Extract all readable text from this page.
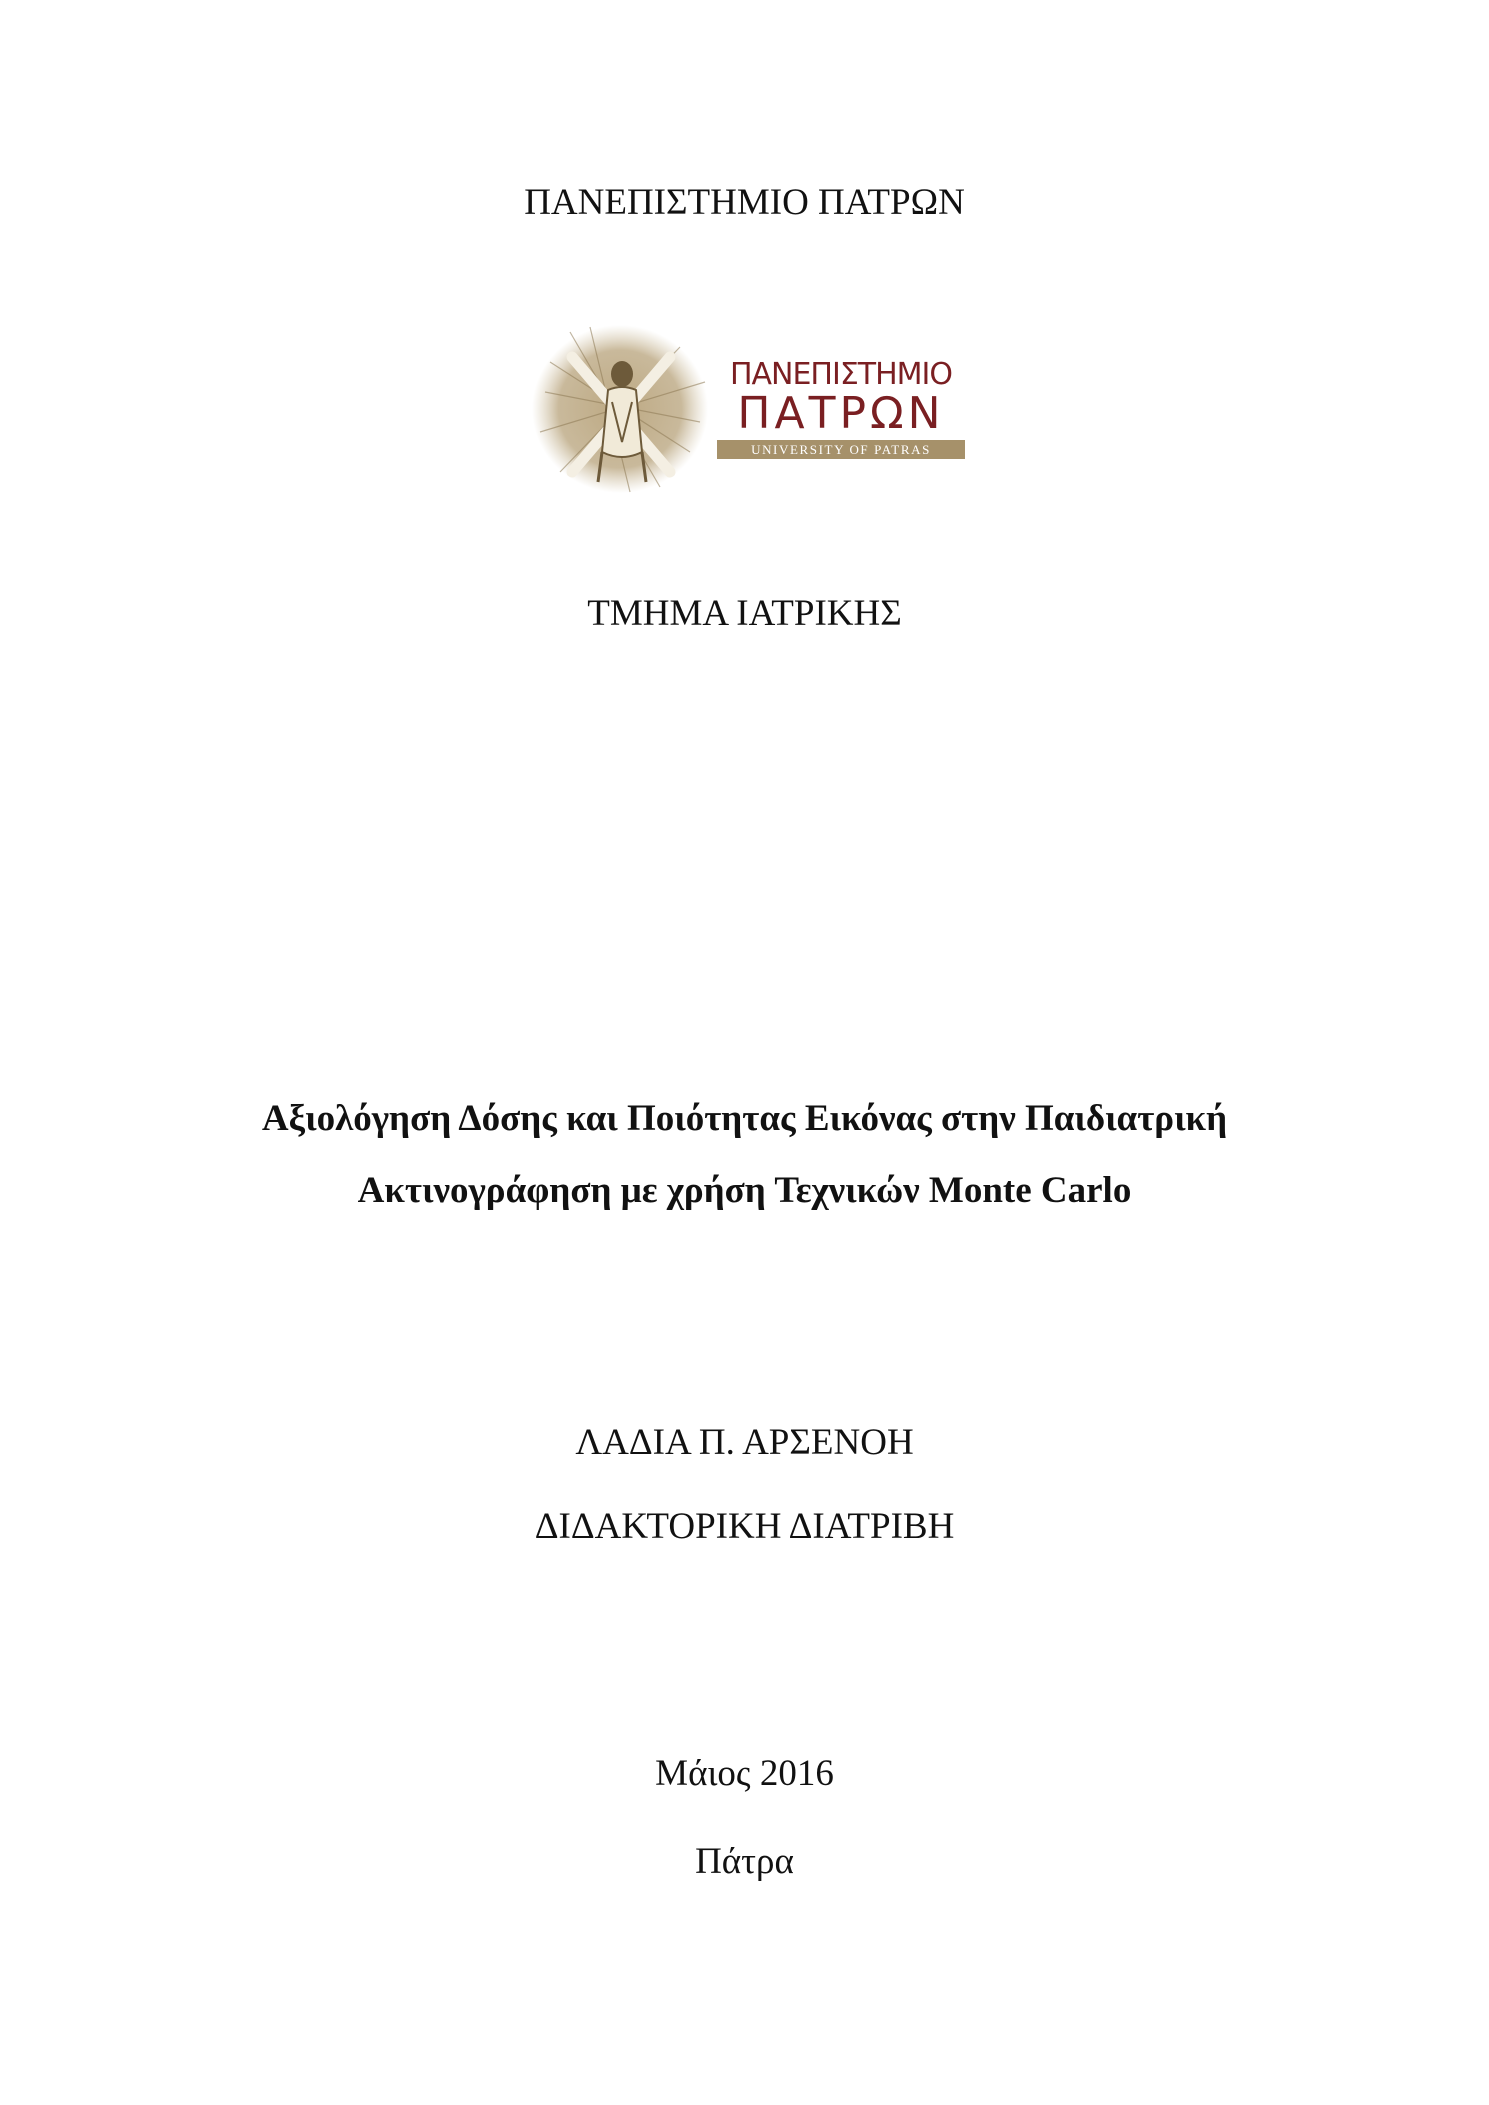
ΠΑΝΕΠΙΣΤΗΜΙΟ ΠΑΤΡΩΝ
ΠΑΝΕΠΙΣΤΗΜΙΟ
ΠΑΤΡΩΝ
UNIVERSITY OF PATRAS
ΤΜΗΜΑ ΙΑΤΡΙΚΗΣ
Αξιολόγηση Δόσης και Ποιότητας Εικόνας στην Παιδιατρική
Ακτινογράφηση με χρήση Τεχνικών Monte Carlo
ΛΑΔΙΑ Π. ΑΡΣΕΝΟΗ
ΔΙΔΑΚΤΟΡΙΚΗ ΔΙΑΤΡΙΒΗ
Μάιος 2016
Πάτρα
